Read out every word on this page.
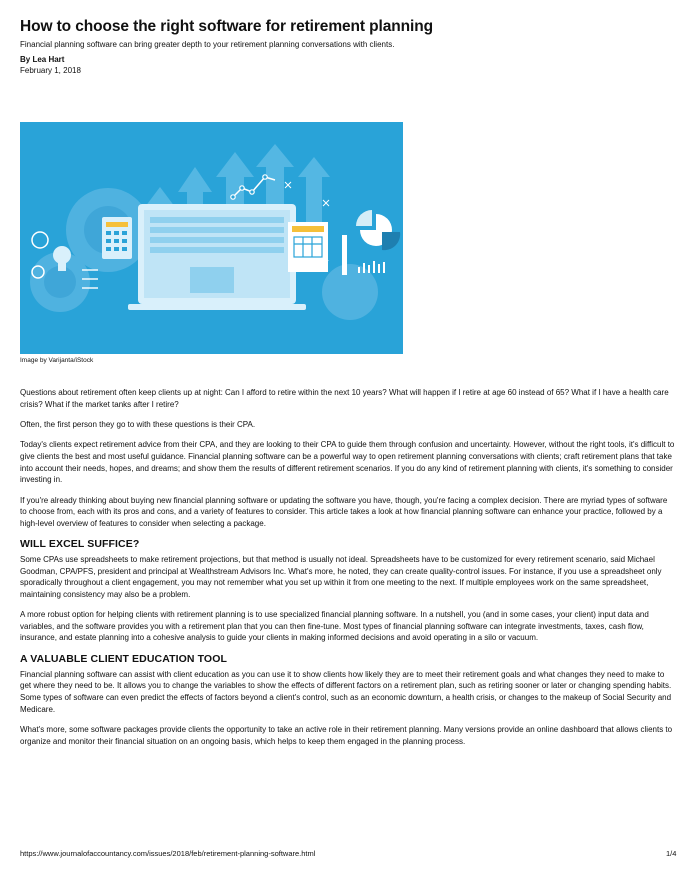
How to choose the right software for retirement planning
Financial planning software can bring greater depth to your retirement planning conversations with clients.
By Lea Hart
February 1, 2018
Image by Varijanta/iStock

Questions about retirement often keep clients up at night: Can I afford to retire within the next 10 years? What will happen if I retire at age 60 instead of 65? What if I have a health care crisis? What if the market tanks after I retire?

Often, the first person they go to with these questions is their CPA.

Today's clients expect retirement advice from their CPA, and they are looking to their CPA to guide them through confusion and uncertainty. However, without the right tools, it's difficult to give clients the best and most useful guidance. Financial planning software can be a powerful way to open retirement planning conversations with clients; craft retirement plans that take into account their needs, hopes, and dreams; and show them the results of different retirement scenarios. If you do any kind of retirement planning with clients, it's something to consider investing in.

If you're already thinking about buying new financial planning software or updating the software you have, though, you're facing a complex decision. There are myriad types of software to choose from, each with its pros and cons, and a variety of features to consider. This article takes a look at how financial planning software can enhance your practice, followed by a high-level overview of features to consider when selecting a package.

WILL EXCEL SUFFICE?

Some CPAs use spreadsheets to make retirement projections, but that method is usually not ideal. Spreadsheets have to be customized for every retirement scenario, said Michael Goodman, CPA/PFS, president and principal at Wealthstream Advisors Inc. What's more, he noted, they can create quality-control issues. For instance, if you use a spreadsheet only sporadically throughout a client engagement, you may not remember what you set up within it from one meeting to the next. If multiple employees work on the same spreadsheet, maintaining consistency may also be a problem.

A more robust option for helping clients with retirement planning is to use specialized financial planning software. In a nutshell, you (and in some cases, your client) input data and variables, and the software provides you with a retirement plan that you can then fine-tune. Most types of financial planning software can integrate investments, taxes, cash flow, insurance, and estate planning into a cohesive analysis to guide your clients in making informed decisions and avoid operating in a silo or vacuum.

A VALUABLE CLIENT EDUCATION TOOL

Financial planning software can assist with client education as you can use it to show clients how likely they are to meet their retirement goals and what changes they need to make to get where they need to be. It allows you to change the variables to show the effects of different factors on a retirement plan, such as retiring sooner or later or changing spending habits. Some types of software can even predict the effects of factors beyond a client's control, such as an economic downturn, a health crisis, or changes to the makeup of Social Security and Medicare.

What's more, some software packages provide clients the opportunity to take an active role in their retirement planning. Many versions provide an online dashboard that allows clients to organize and monitor their financial situation on an ongoing basis, which helps to keep them engaged in the planning process.

https://www.journalofaccountancy.com/issues/2018/feb/retirement-planning-software.html	1/4
